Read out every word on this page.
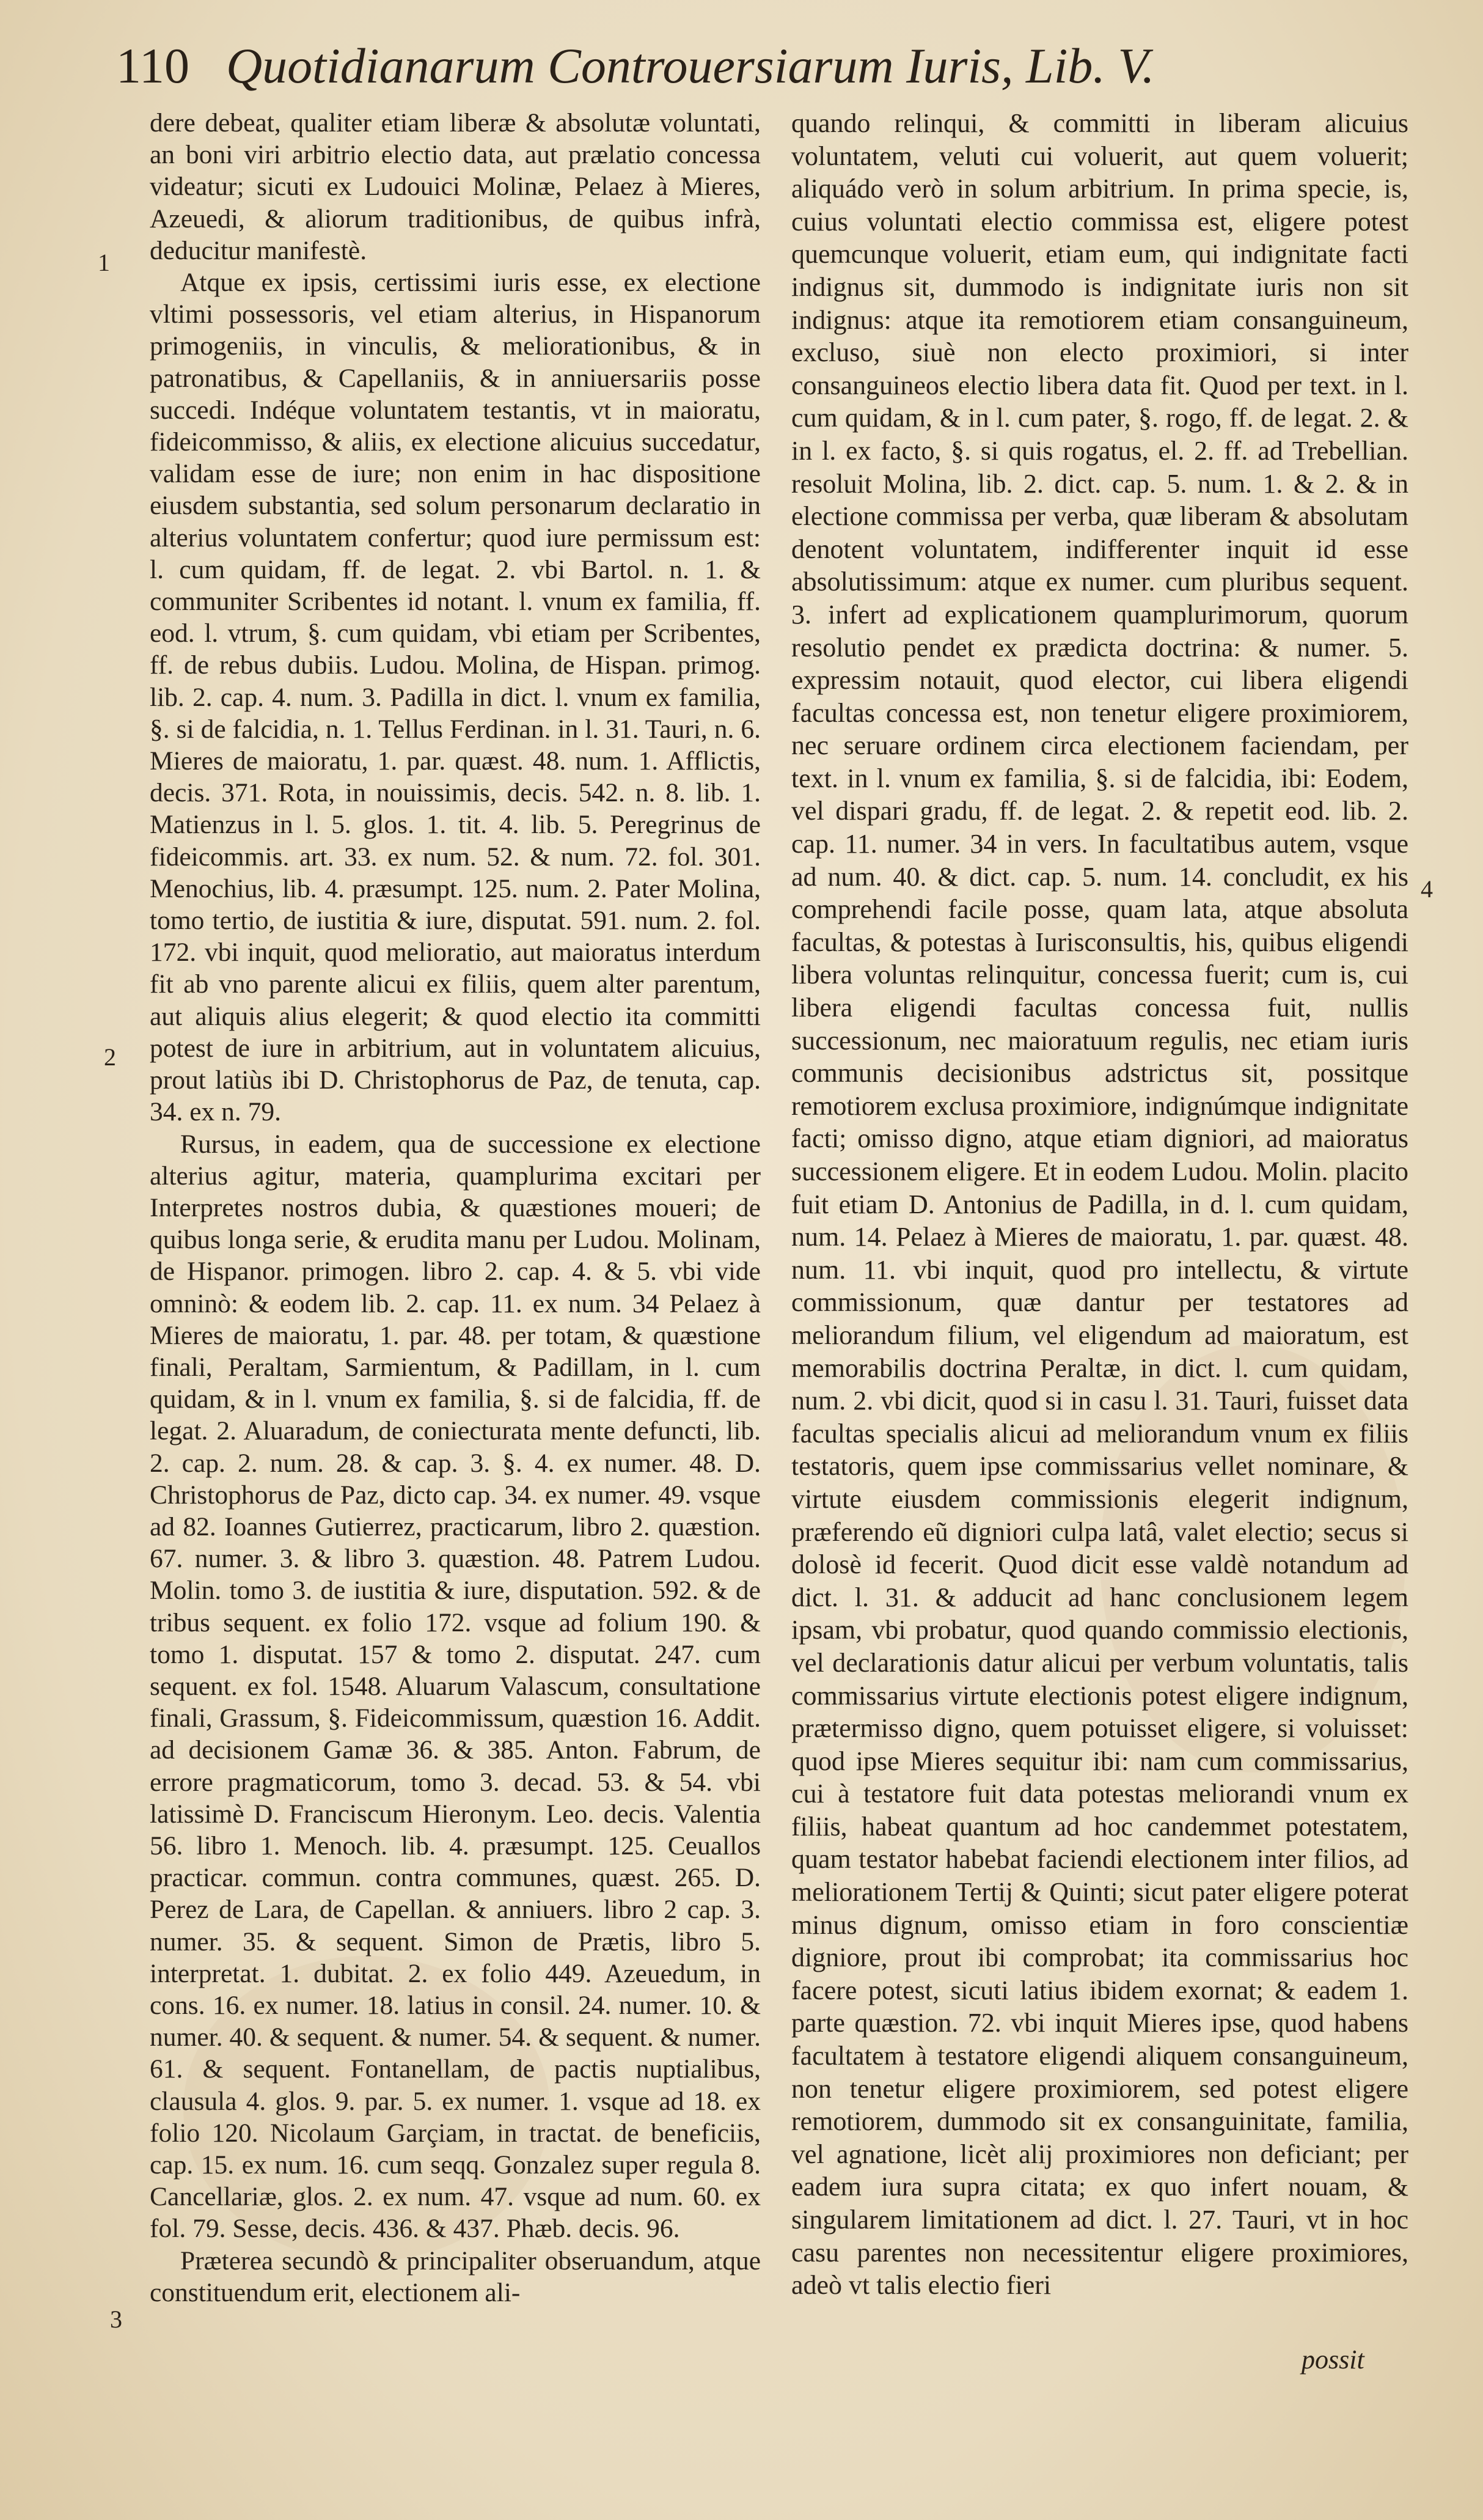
110 Quotidianarum Controuersiarum Iuris, Lib. V.
1
2
3
4

dere debeat, qualiter etiam liberæ & absolutæ voluntati, an boni viri arbitrio electio data, aut prælatio concessa videatur; sicuti ex Ludouici Molinæ, Pelaez à Mieres, Azeuedi, & aliorum traditionibus, de quibus infrà, deducitur manifestè.

Atque ex ipsis, certissimi iuris esse, ex electione vltimi possessoris, vel etiam alterius, in Hispanorum primogeniis, in vinculis, & meliorationibus, & in patronatibus, & Capellaniis, & in anniuersariis posse succedi. Indéque voluntatem testantis, vt in maioratu, fideicommisso, & aliis, ex electione alicuius succedatur, validam esse de iure; non enim in hac dispositione eiusdem substantia, sed solum personarum declaratio in alterius voluntatem confertur; quod iure permissum est: l. cum quidam, ff. de legat. 2. vbi Bartol. n. 1. & communiter Scribentes id notant. l. vnum ex familia, ff. eod. l. vtrum, §. cum quidam, vbi etiam per Scribentes, ff. de rebus dubiis. Ludou. Molina, de Hispan. primog. lib. 2. cap. 4. num. 3. Padilla in dict. l. vnum ex familia, §. si de falcidia, n. 1. Tellus Ferdinan. in l. 31. Tauri, n. 6. Mieres de maioratu, 1. par. quæst. 48. num. 1. Afflictis, decis. 371. Rota, in nouissimis, decis. 542. n. 8. lib. 1. Matienzus in l. 5. glos. 1. tit. 4. lib. 5. Peregrinus de fideicommis. art. 33. ex num. 52. & num. 72. fol. 301. Menochius, lib. 4. præsumpt. 125. num. 2. Pater Molina, tomo tertio, de iustitia & iure, disputat. 591. num. 2. fol. 172. vbi inquit, quod melioratio, aut maioratus interdum fit ab vno parente alicui ex filiis, quem alter parentum, aut aliquis alius elegerit; & quod electio ita committi potest de iure in arbitrium, aut in voluntatem alicuius, prout latiùs ibi D. Christophorus de Paz, de tenuta, cap. 34. ex n. 79.

Rursus, in eadem, qua de successione ex electione alterius agitur, materia, quamplurima excitari per Interpretes nostros dubia, & quæstiones moueri; de quibus longa serie, & erudita manu per Ludou. Molinam, de Hispanor. primogen. libro 2. cap. 4. & 5. vbi vide omninò: & eodem lib. 2. cap. 11. ex num. 34 Pelaez à Mieres de maioratu, 1. par. 48. per totam, & quæstione finali, Peraltam, Sarmientum, & Padillam, in l. cum quidam, & in l. vnum ex familia, §. si de falcidia, ff. de legat. 2. Aluaradum, de coniecturata mente defuncti, lib. 2. cap. 2. num. 28. & cap. 3. §. 4. ex numer. 48. D. Christophorus de Paz, dicto cap. 34. ex numer. 49. vsque ad 82. Ioannes Gutierrez, practicarum, libro 2. quæstion. 67. numer. 3. & libro 3. quæstion. 48. Patrem Ludou. Molin. tomo 3. de iustitia & iure, disputation. 592. & de tribus sequent. ex folio 172. vsque ad folium 190. & tomo 1. disputat. 157 & tomo 2. disputat. 247. cum sequent. ex fol. 1548. Aluarum Valascum, consultatione finali, Grassum, §. Fideicommissum, quæstion 16. Addit. ad decisionem Gamæ 36. & 385. Anton. Fabrum, de errore pragmaticorum, tomo 3. decad. 53. & 54. vbi latissimè D. Franciscum Hieronym. Leo. decis. Valentia 56. libro 1. Menoch. lib. 4. præsumpt. 125. Ceuallos practicar. commun. contra communes, quæst. 265. D. Perez de Lara, de Capellan. & anniuers. libro 2 cap. 3. numer. 35. & sequent. Simon de Prætis, libro 5. interpretat. 1. dubitat. 2. ex folio 449. Azeuedum, in cons. 16. ex numer. 18. latius in consil. 24. numer. 10. & numer. 40. & sequent. & numer. 54. & sequent. & numer. 61. & sequent. Fontanellam, de pactis nuptialibus, clausula 4. glos. 9. par. 5. ex numer. 1. vsque ad 18. ex folio 120. Nicolaum Garçiam, in tractat. de beneficiis, cap. 15. ex num. 16. cum seqq. Gonzalez super regula 8. Cancellariæ, glos. 2. ex num. 47. vsque ad num. 60. ex fol. 79. Sesse, decis. 436. & 437. Phæb. decis. 96.

Præterea secundò & principaliter obseruandum, atque constituendum erit, electionem ali-

quando relinqui, & committi in liberam alicuius voluntatem, veluti cui voluerit, aut quem voluerit; aliquádo verò in solum arbitrium. In prima specie, is, cuius voluntati electio commissa est, eligere potest quemcunque voluerit, etiam eum, qui indignitate facti indignus sit, dummodo is indignitate iuris non sit indignus: atque ita remotiorem etiam consanguineum, excluso, siuè non electo proximiori, si inter consanguineos electio libera data fit. Quod per text. in l. cum quidam, & in l. cum pater, §. rogo, ff. de legat. 2. & in l. ex facto, §. si quis rogatus, el. 2. ff. ad Trebellian. resoluit Molina, lib. 2. dict. cap. 5. num. 1. & 2. & in electione commissa per verba, quæ liberam & absolutam denotent voluntatem, indifferenter inquit id esse absolutissimum: atque ex numer. cum pluribus sequent. 3. infert ad explicationem quamplurimorum, quorum resolutio pendet ex prædicta doctrina: & numer. 5. expressim notauit, quod elector, cui libera eligendi facultas concessa est, non tenetur eligere proximiorem, nec seruare ordinem circa electionem faciendam, per text. in l. vnum ex familia, §. si de falcidia, ibi: Eodem, vel dispari gradu, ff. de legat. 2. & repetit eod. lib. 2. cap. 11. numer. 34 in vers. In facultatibus autem, vsque ad num. 40. & dict. cap. 5. num. 14. concludit, ex his comprehendi facile posse, quam lata, atque absoluta facultas, & potestas à Iurisconsultis, his, quibus eligendi libera voluntas relinquitur, concessa fuerit; cum is, cui libera eligendi facultas concessa fuit, nullis successionum, nec maioratuum regulis, nec etiam iuris communis decisionibus adstrictus sit, possitque remotiorem exclusa proximiore, indignúmque indignitate facti; omisso digno, atque etiam digniori, ad maioratus successionem eligere. Et in eodem Ludou. Molin. placito fuit etiam D. Antonius de Padilla, in d. l. cum quidam, num. 14. Pelaez à Mieres de maioratu, 1. par. quæst. 48. num. 11. vbi inquit, quod pro intellectu, & virtute commissionum, quæ dantur per testatores ad meliorandum filium, vel eligendum ad maioratum, est memorabilis doctrina Peraltæ, in dict. l. cum quidam, num. 2. vbi dicit, quod si in casu l. 31. Tauri, fuisset data facultas specialis alicui ad meliorandum vnum ex filiis testatoris, quem ipse commissarius vellet nominare, & virtute eiusdem commissionis elegerit indignum, præferendo eũ digniori culpa latâ, valet electio; secus si dolosè id fecerit. Quod dicit esse valdè notandum ad dict. l. 31. & adducit ad hanc conclusionem legem ipsam, vbi probatur, quod quando commissio electionis, vel declarationis datur alicui per verbum voluntatis, talis commissarius virtute electionis potest eligere indignum, prætermisso digno, quem potuisset eligere, si voluisset: quod ipse Mieres sequitur ibi: nam cum commissarius, cui à testatore fuit data potestas meliorandi vnum ex filiis, habeat quantum ad hoc candemmet potestatem, quam testator habebat faciendi electionem inter filios, ad meliorationem Tertij & Quinti; sicut pater eligere poterat minus dignum, omisso etiam in foro conscientiæ digniore, prout ibi comprobat; ita commissarius hoc facere potest, sicuti latius ibidem exornat; & eadem 1. parte quæstion. 72. vbi inquit Mieres ipse, quod habens facultatem à testatore eligendi aliquem consanguineum, non tenetur eligere proximiorem, sed potest eligere remotiorem, dummodo sit ex consanguinitate, familia, vel agnatione, licèt alij proximiores non deficiant; per eadem iura supra citata; ex quo infert nouam, & singularem limitationem ad dict. l. 27. Tauri, vt in hoc casu parentes non necessitentur eligere proximiores, adeò vt talis electio fieri

possit
